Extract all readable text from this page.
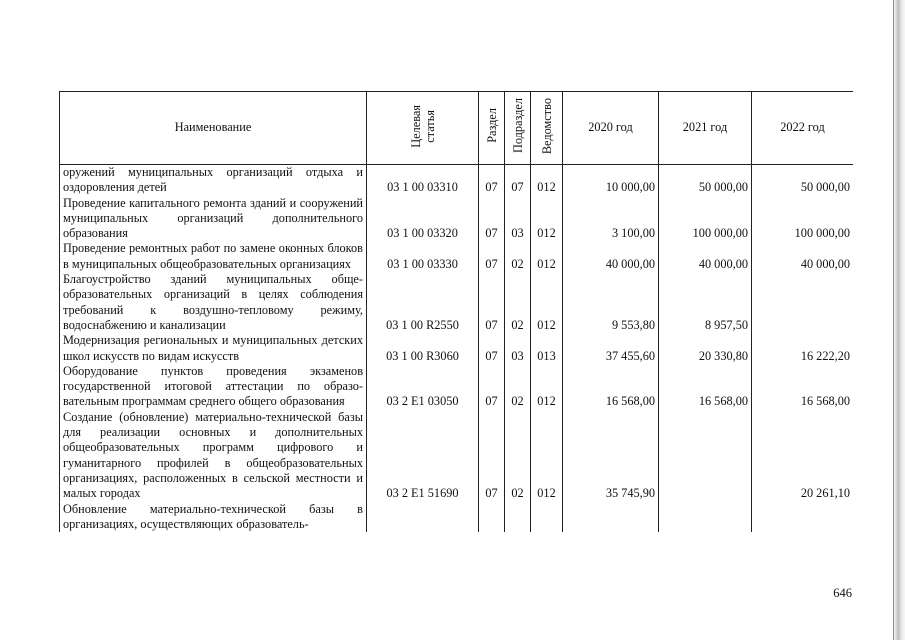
Наименование	Целевая статья	Раздел	Подраздел	Ведомство	2020 год	2021 год	2022 год
оружений муниципальных организаций отдыха и оздоровления детей	03 1 00 03310	07	07	012	10 000,00	50 000,00	50 000,00
Проведение капитального ремонта зданий и сооружений муниципальных организаций дополнительного образования	03 1 00 03320	07	03	012	3 100,00	100 000,00	100 000,00
Проведение ремонтных работ по замене оконных блоков в муниципальных общеобразовательных организациях	03 1 00 03330	07	02	012	40 000,00	40 000,00	40 000,00
Благоустройство зданий муниципальных общеобразовательных организаций в целях соблюдения требований к воздушно-тепловому режиму, водоснабжению и канализации	03 1 00 R2550	07	02	012	9 553,80	8 957,50	
Модернизация региональных и муниципальных детских школ искусств по видам искусств	03 1 00 R3060	07	03	013	37 455,60	20 330,80	16 222,20
Оборудование пунктов проведения экзаменов государственной итоговой аттестации по образовательным программам среднего общего образования	03 2 E1 03050	07	02	012	16 568,00	16 568,00	16 568,00
Создание (обновление) материально-технической базы для реализации основных и дополнительных общеобразовательных программ цифрового и гуманитарного профилей в общеобразовательных организациях, расположенных в сельской местности и малых городах	03 2 E1 51690	07	02	012	35 745,90		20 261,10
Обновление материально-технической базы в организациях, осуществляющих образователь-							
646
